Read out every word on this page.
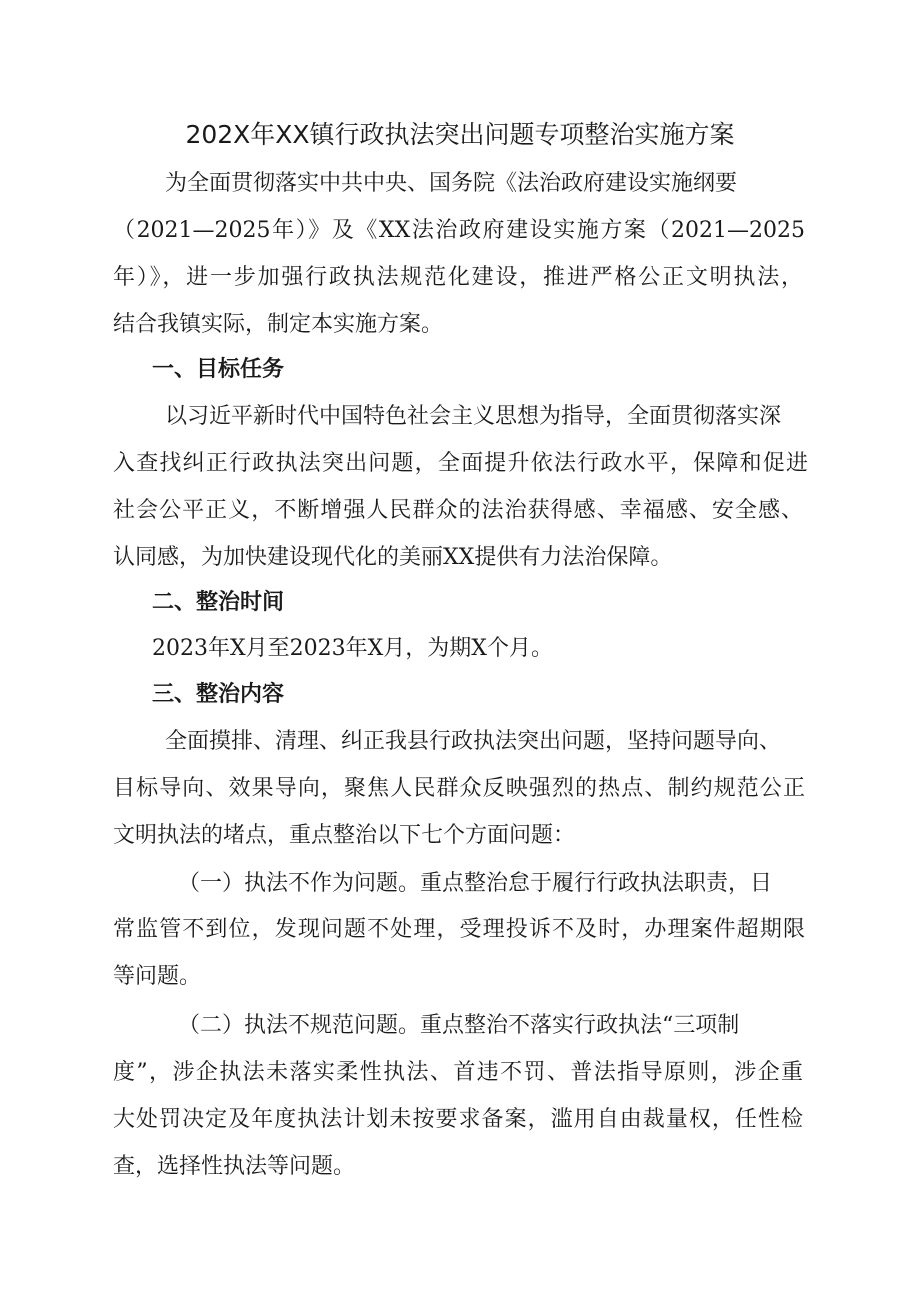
202X年XX镇行政执法突出问题专项整治实施方案

为全面贯彻落实中共中央、国务院《法治政府建设实施纲要

（2021—2025年）》及《XX法治政府建设实施方案（2021—2025

年）》，进一步加强行政执法规范化建设，推进严格公正文明执法，

结合我镇实际，制定本实施方案。

一、目标任务

以习近平新时代中国特色社会主义思想为指导，全面贯彻落实深

入查找纠正行政执法突出问题，全面提升依法行政水平，保障和促进

社会公平正义，不断增强人民群众的法治获得感、幸福感、安全感、

认同感，为加快建设现代化的美丽XX提供有力法治保障。

二、整治时间

2023年X月至2023年X月，为期X个月。

三、整治内容

全面摸排、清理、纠正我县行政执法突出问题，坚持问题导向、

目标导向、效果导向，聚焦人民群众反映强烈的热点、制约规范公正

文明执法的堵点，重点整治以下七个方面问题：

（一）执法不作为问题。重点整治怠于履行行政执法职责，日

常监管不到位，发现问题不处理，受理投诉不及时，办理案件超期限

等问题。

（二）执法不规范问题。重点整治不落实行政执法“三项制

度”，涉企执法未落实柔性执法、首违不罚、普法指导原则，涉企重

大处罚决定及年度执法计划未按要求备案，滥用自由裁量权，任性检

查，选择性执法等问题。
